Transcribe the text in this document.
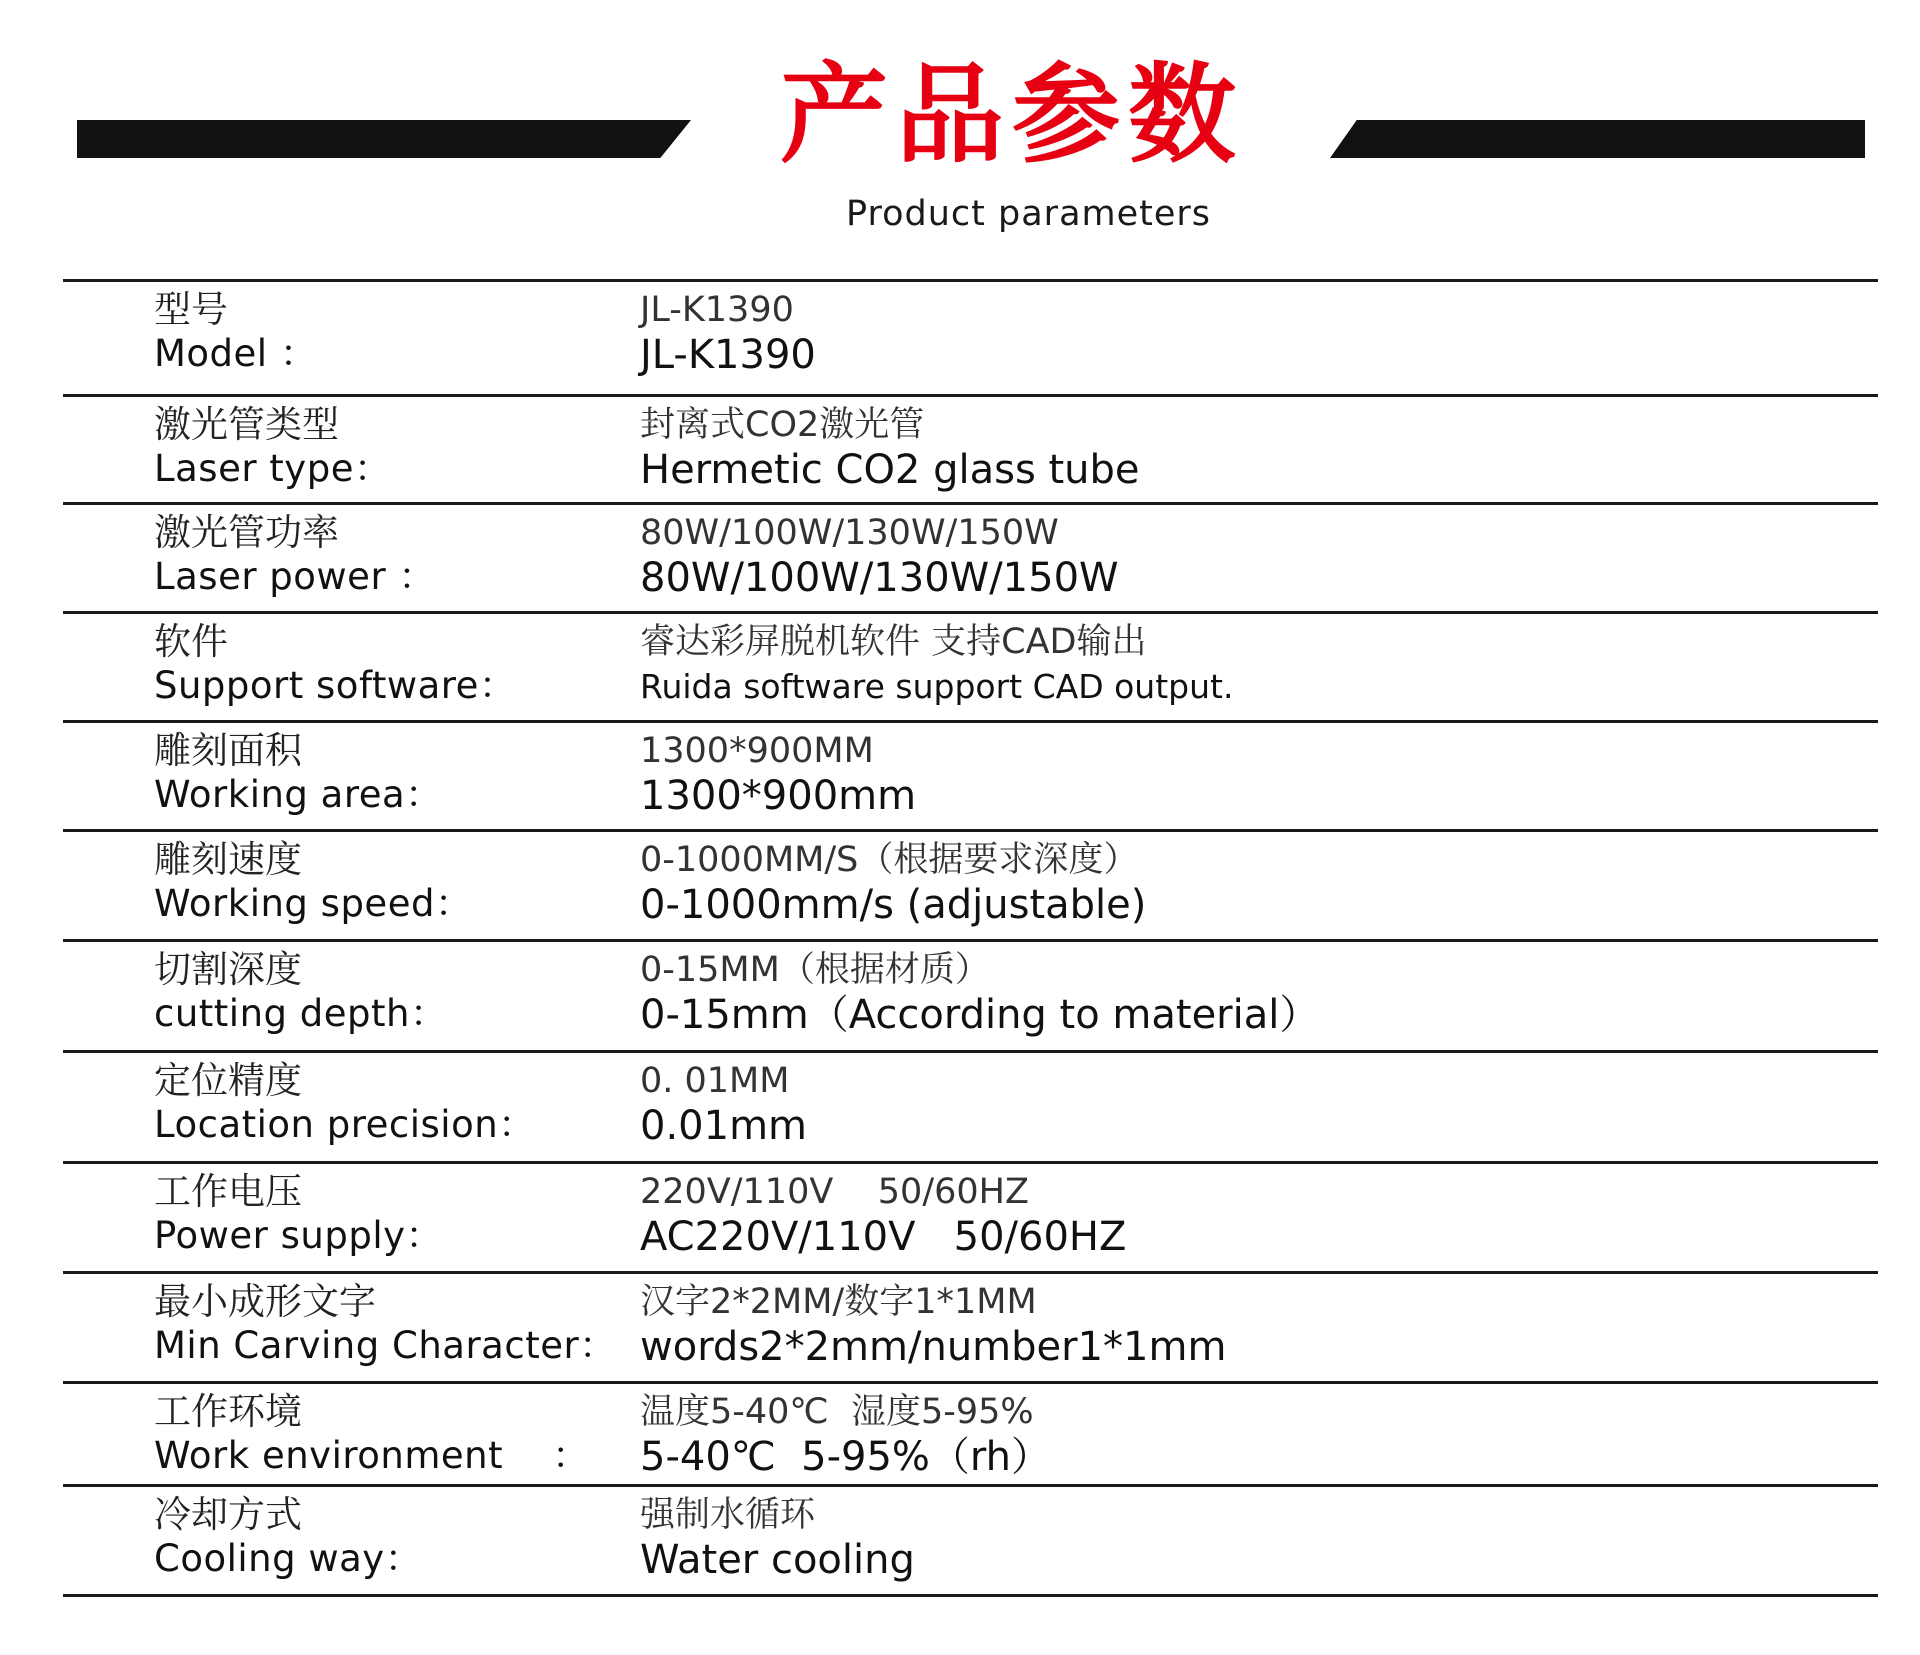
产品参数
Product parameters
型号
Model ：
JL-K1390
JL-K1390
激光管类型
Laser type：
封离式CO2激光管
Hermetic CO2 glass tube
激光管功率
Laser power ：
80W/100W/130W/150W
80W/100W/130W/150W
软件
Support software：
睿达彩屏脱机软件 支持CAD输出
Ruida software support CAD output.
雕刻面积
Working area：
1300*900MM
1300*900mm
雕刻速度
Working speed：
0-1000MM/S（根据要求深度）
0-1000mm/s (adjustable)
切割深度
cutting depth：
0-15MM（根据材质）
0-15mm（According to material）
定位精度
Location precision：
0. 01MM
0.01mm
工作电压
Power supply：
220V/110V    50/60HZ
AC220V/110V   50/60HZ
最小成形文字
Min Carving Character：
汉字2*2MM/数字1*1MM
words2*2mm/number1*1mm
工作环境
Work environment    ：
温度5-40℃  湿度5-95%
5-40℃  5-95%（rh）
冷却方式
Cooling way：
强制水循环
Water cooling
